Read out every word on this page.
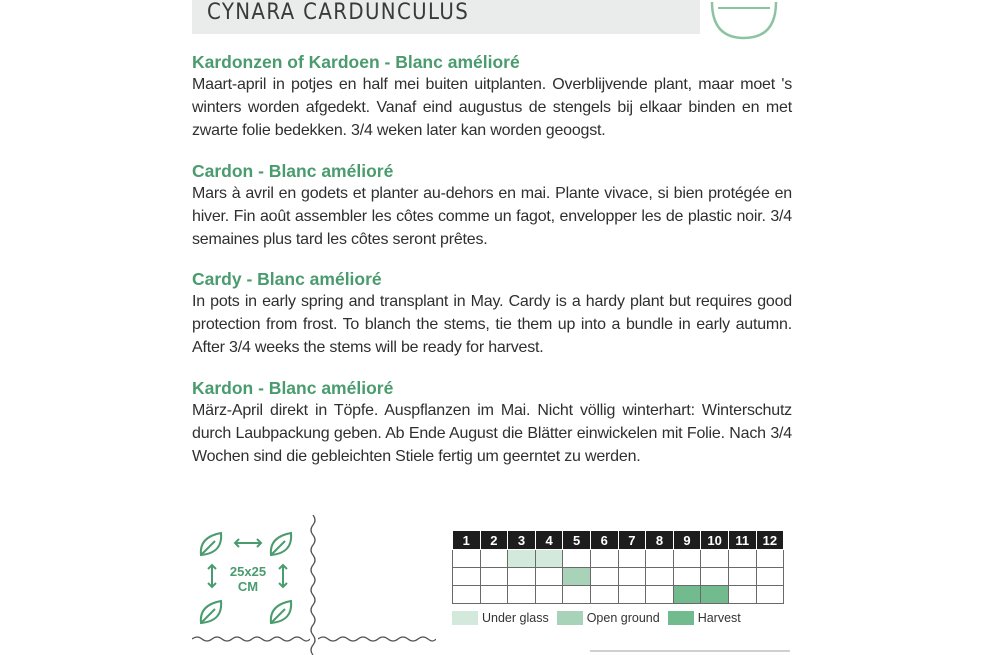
CYNARA CARDUNCULUS
Kardonzen of Kardoen - Blanc amélioré

Maart-april in potjes en half mei buiten uitplanten. Overblijvende plant, maar moet 's winters worden afgedekt. Vanaf eind augustus de stengels bij elkaar binden en met zwarte folie bedekken. 3/4 weken later kan worden geoogst.

Cardon - Blanc amélioré

Mars à avril en godets et planter au-dehors en mai. Plante vivace, si bien protégée en hiver. Fin août assembler les côtes comme un fagot, envelopper les de plastic noir. 3/4 semaines plus tard les côtes seront prêtes.

Cardy - Blanc amélioré

In pots in early spring and transplant in May. Cardy is a hardy plant but requires good protection from frost. To blanch the stems, tie them up into a bundle in early autumn. After 3/4 weeks the stems will be ready for harvest.

Kardon - Blanc amélioré

März-April direkt in Töpfe. Auspflanzen im Mai. Nicht völlig winterhart: Winterschutz durch Laubpackung geben. Ab Ende August die Blätter einwickelen mit Folie. Nach 3/4 Wochen sind die gebleichten Stiele fertig um geerntet zu werden.

25x25
CM
1	2	3	4	5	6	7	8	9	10	11	12

Under glass	Open ground	Harvest
